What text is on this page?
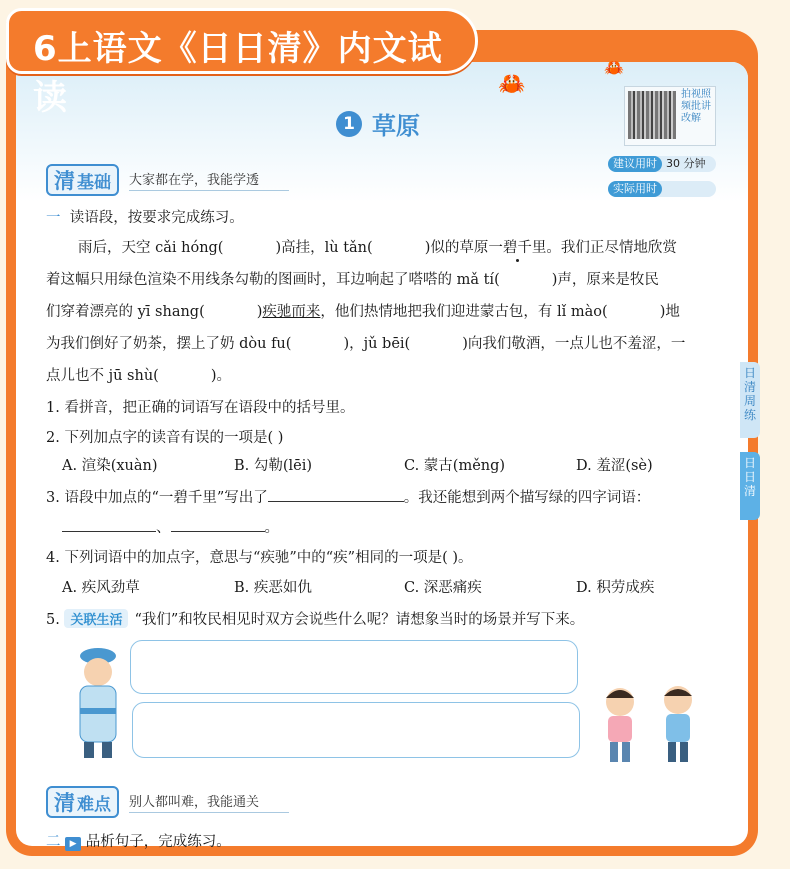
6上语文《日日清》内文试读	🦀
🦀
1 草原
拍视照频批讲改解
建议用时 30 分钟
实际用时
清 基础 大家都在学，我能学透
一 读语段，按要求完成练习。
雨后，天空 cǎi hóng(	)高挂，lù tǎn(	)似的草原一碧千里。我们正尽情地欣赏
着这幅只用绿色渲染不用线条勾勒的图画时，耳边响起了嗒嗒的 mǎ tí(	)声，原来是牧民
们穿着漂亮的 yī shang(	)疾驰而来，他们热情地把我们迎进蒙古包，有 lǐ mào(	)地
为我们倒好了奶茶，摆上了奶 dòu fu(	)，jǔ bēi(	)向我们敬酒，一点儿也不羞涩，一
点儿也不 jū shù(	)。
1. 看拼音，把正确的词语写在语段中的括号里。
2. 下列加点字的读音有误的一项是( )
A. 渲染(xuàn)	B. 勾勒(lēi)	C. 蒙古(měng)	D. 羞涩(sè)
3. 语段中加点的“一碧千里”写出了	。我还能想到两个描写绿的四字词语：
、	。
4. 下列词语中的加点字，意思与“疾驰”中的“疾”相同的一项是( )。
A. 疾风劲草	B. 疾恶如仇	C. 深恶痛疾	D. 积劳成疾
5. 关联生活 “我们”和牧民相见时双方会说些什么呢？请想象当时的场景并写下来。
清 难点 别人都叫难，我能通关
二 ▶ 品析句子，完成练习。
日清周练
日日清
